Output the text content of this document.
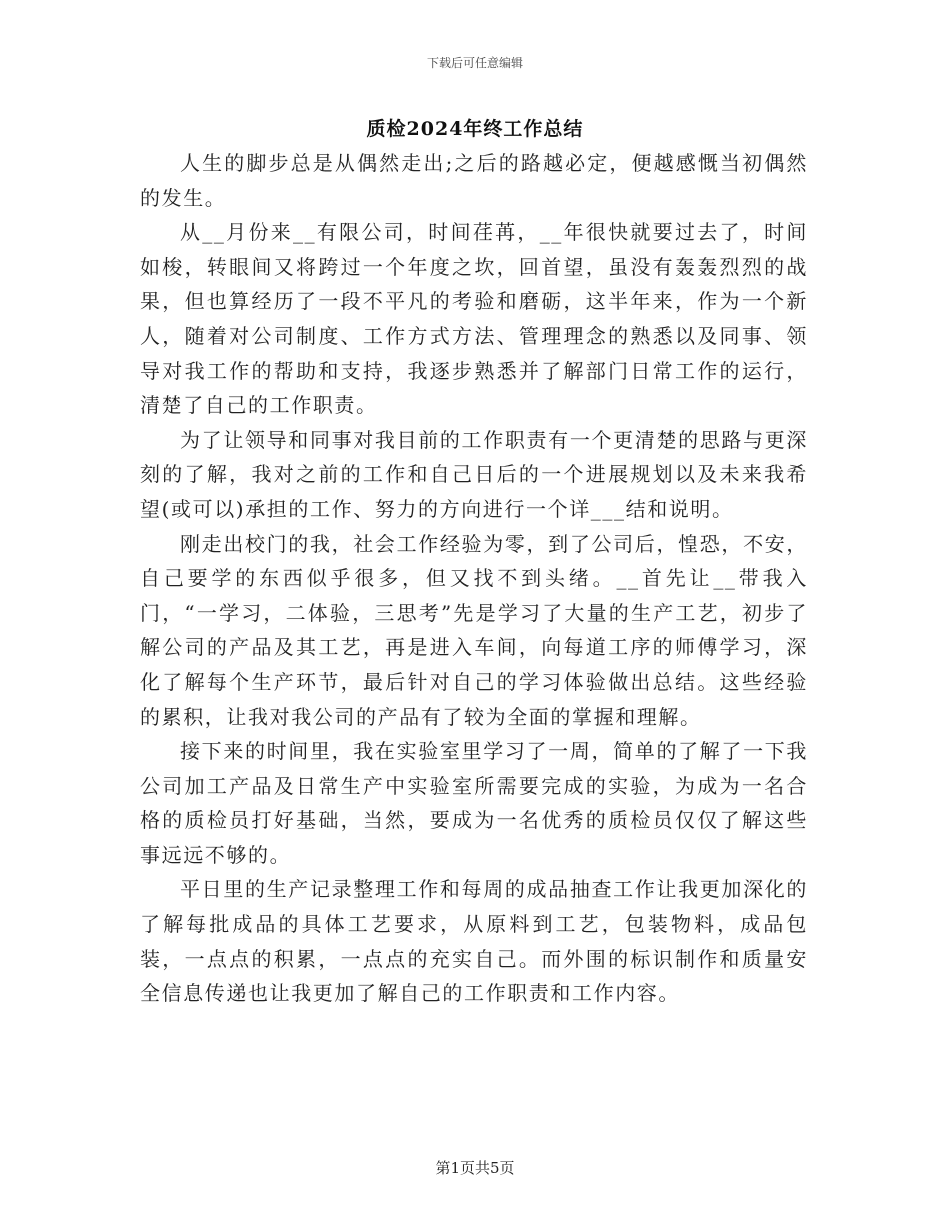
下载后可任意编辑
质检2024年终工作总结

人生的脚步总是从偶然走出;之后的路越必定，便越感慨当初偶然的发生。

从__月份来__有限公司，时间荏苒，__年很快就要过去了，时间如梭，转眼间又将跨过一个年度之坎，回首望，虽没有轰轰烈烈的战果，但也算经历了一段不平凡的考验和磨砺，这半年来，作为一个新人，随着对公司制度、工作方式方法、管理理念的熟悉以及同事、领导对我工作的帮助和支持，我逐步熟悉并了解部门日常工作的运行，清楚了自己的工作职责。

为了让领导和同事对我目前的工作职责有一个更清楚的思路与更深刻的了解，我对之前的工作和自己日后的一个进展规划以及未来我希望(或可以)承担的工作、努力的方向进行一个详___结和说明。

刚走出校门的我，社会工作经验为零，到了公司后，惶恐，不安，自己要学的东西似乎很多，但又找不到头绪。__首先让__带我入门，“一学习，二体验，三思考”先是学习了大量的生产工艺，初步了解公司的产品及其工艺，再是进入车间，向每道工序的师傅学习，深化了解每个生产环节，最后针对自己的学习体验做出总结。这些经验的累积，让我对我公司的产品有了较为全面的掌握和理解。

接下来的时间里，我在实验室里学习了一周，简单的了解了一下我公司加工产品及日常生产中实验室所需要完成的实验，为成为一名合格的质检员打好基础，当然，要成为一名优秀的质检员仅仅了解这些事远远不够的。

平日里的生产记录整理工作和每周的成品抽查工作让我更加深化的了解每批成品的具体工艺要求，从原料到工艺，包装物料，成品包装，一点点的积累，一点点的充实自己。而外围的标识制作和质量安全信息传递也让我更加了解自己的工作职责和工作内容。

第1页共5页
